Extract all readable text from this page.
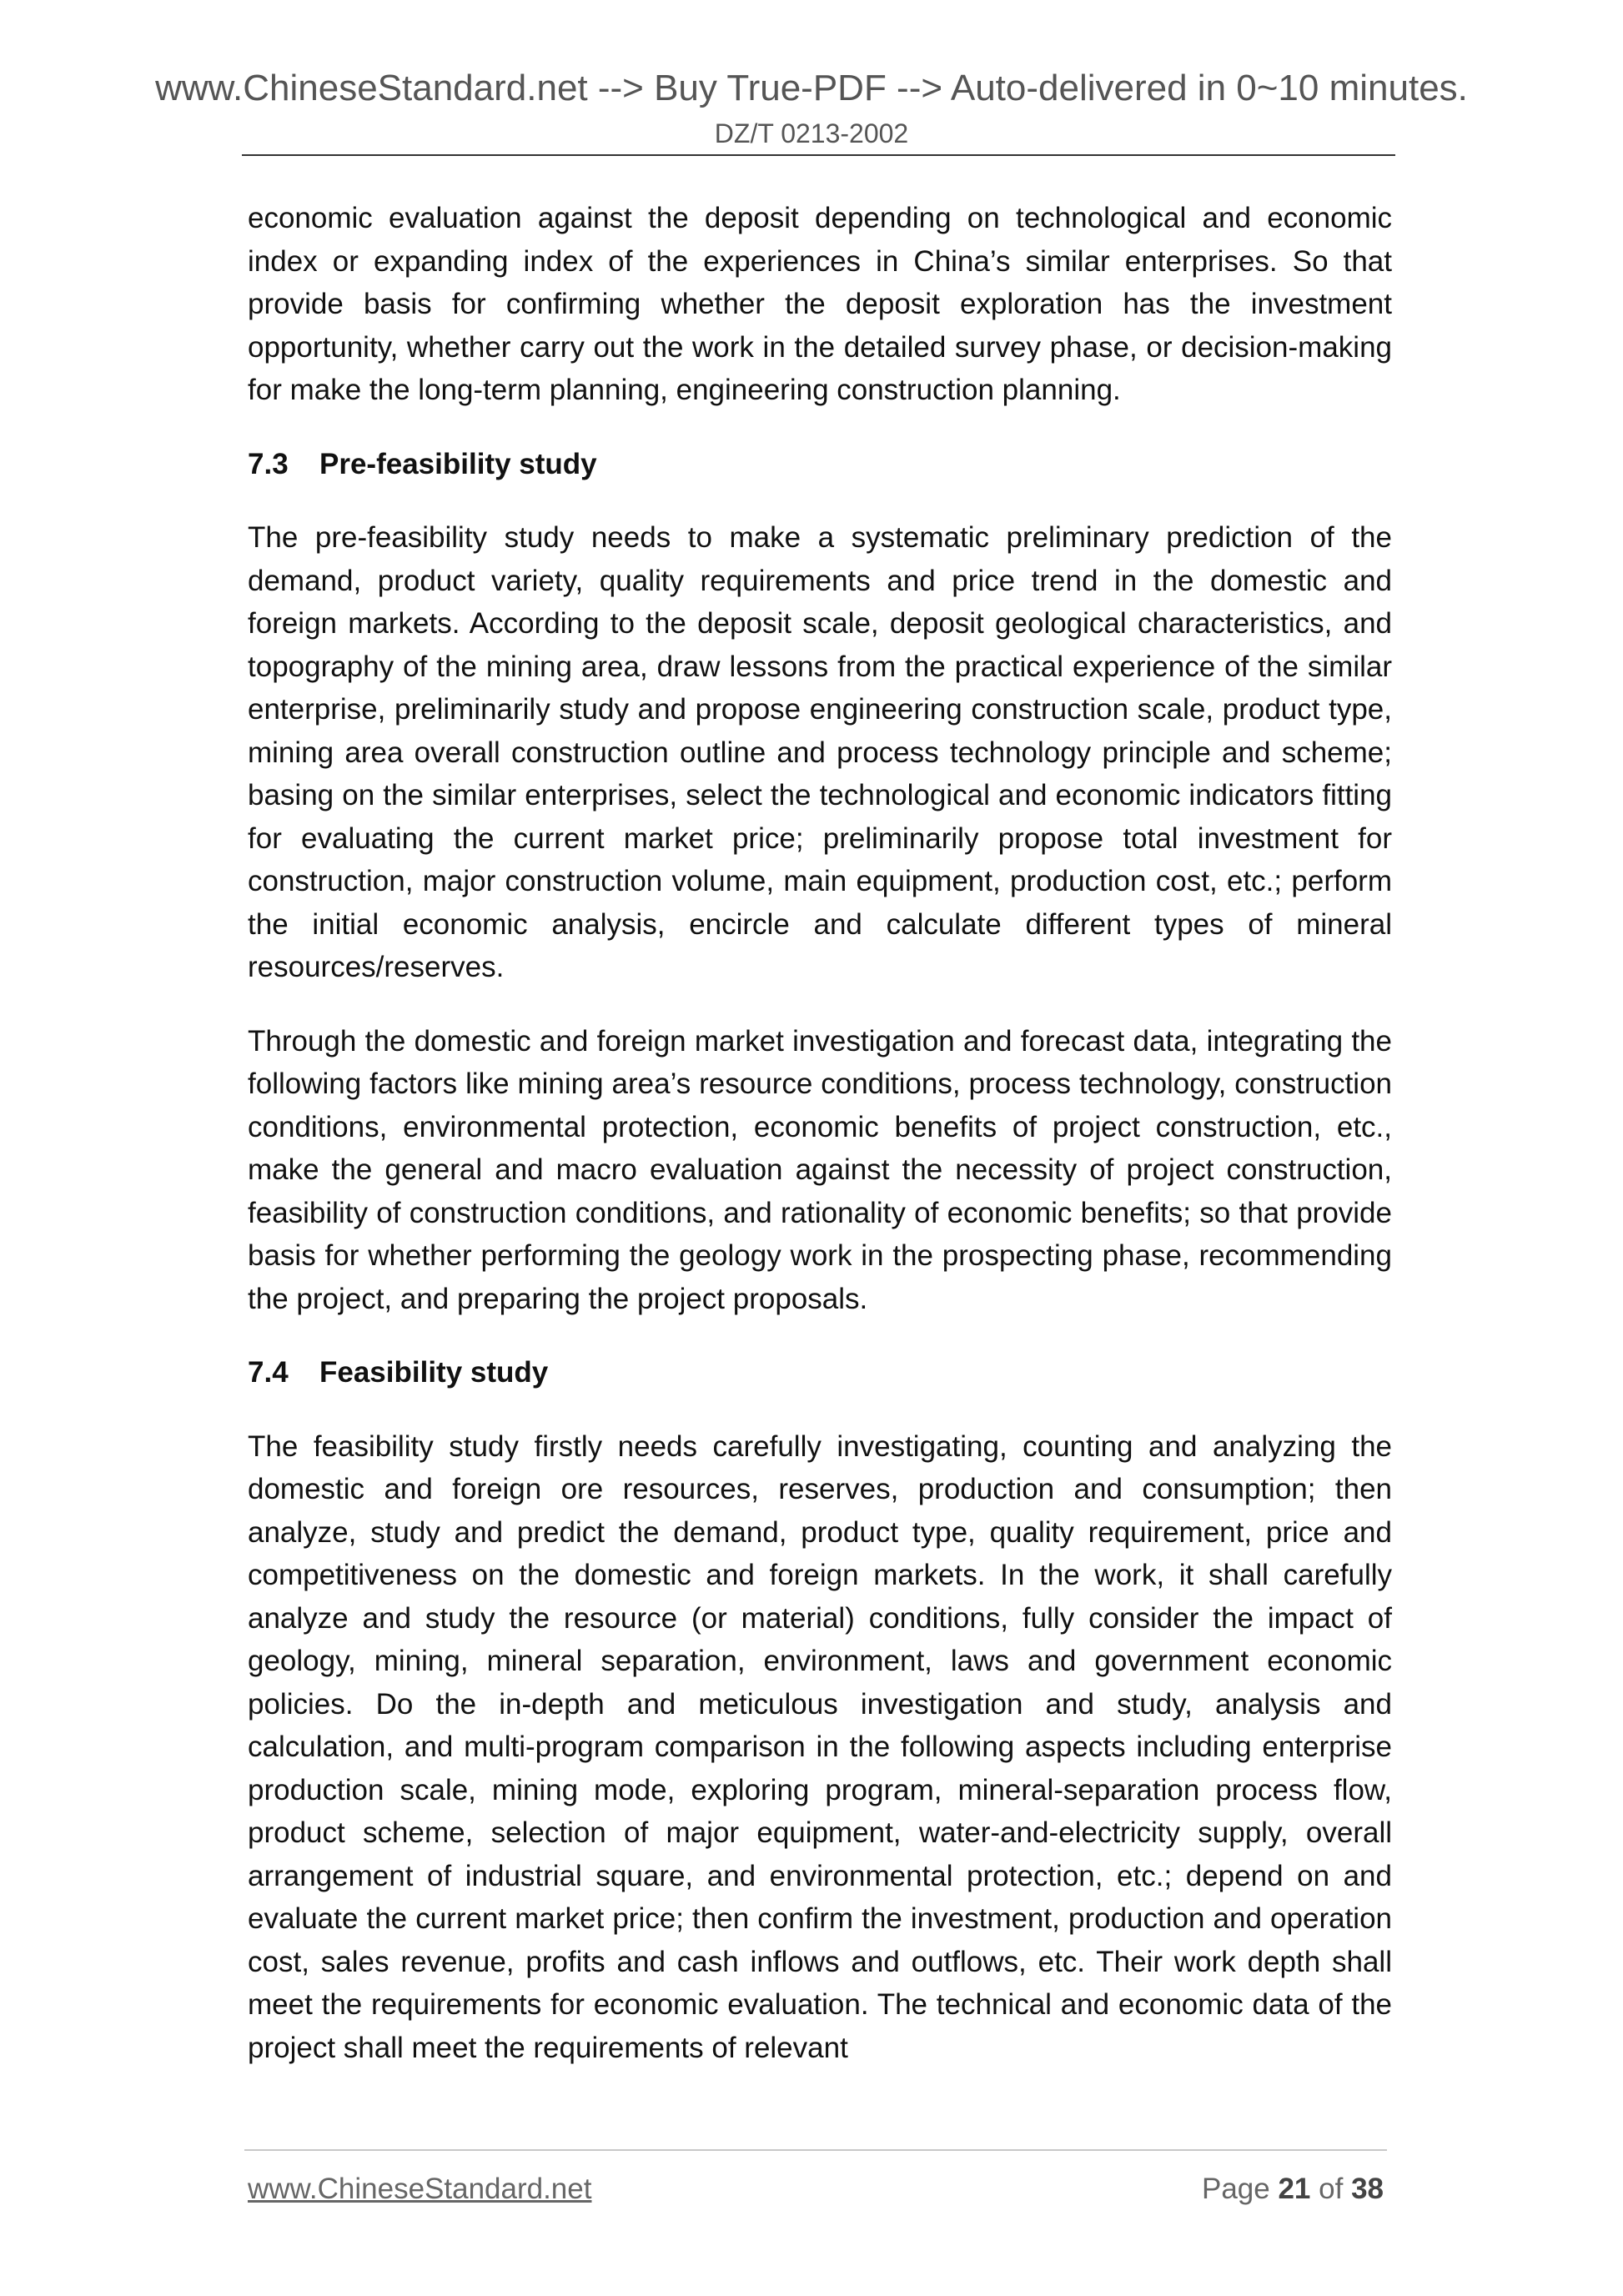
www.ChineseStandard.net --> Buy True-PDF --> Auto-delivered in 0~10 minutes.
DZ/T 0213-2002

economic evaluation against the deposit depending on technological and economic index or expanding index of the experiences in China’s similar enterprises. So that provide basis for confirming whether the deposit exploration has the investment opportunity, whether carry out the work in the detailed survey phase, or decision-making for make the long-term planning, engineering construction planning.

7.3 Pre-feasibility study

The pre-feasibility study needs to make a systematic preliminary prediction of the demand, product variety, quality requirements and price trend in the domestic and foreign markets. According to the deposit scale, deposit geological characteristics, and topography of the mining area, draw lessons from the practical experience of the similar enterprise, preliminarily study and propose engineering construction scale, product type, mining area overall construction outline and process technology principle and scheme; basing on the similar enterprises, select the technological and economic indicators fitting for evaluating the current market price; preliminarily propose total investment for construction, major construction volume, main equipment, production cost, etc.; perform the initial economic analysis, encircle and calculate different types of mineral resources/reserves.

Through the domestic and foreign market investigation and forecast data, integrating the following factors like mining area’s resource conditions, process technology, construction conditions, environmental protection, economic benefits of project construction, etc., make the general and macro evaluation against the necessity of project construction, feasibility of construction conditions, and rationality of economic benefits; so that provide basis for whether performing the geology work in the prospecting phase, recommending the project, and preparing the project proposals.

7.4 Feasibility study

The feasibility study firstly needs carefully investigating, counting and analyzing the domestic and foreign ore resources, reserves, production and consumption; then analyze, study and predict the demand, product type, quality requirement, price and competitiveness on the domestic and foreign markets. In the work, it shall carefully analyze and study the resource (or material) conditions, fully consider the impact of geology, mining, mineral separation, environment, laws and government economic policies. Do the in-depth and meticulous investigation and study, analysis and calculation, and multi-program comparison in the following aspects including enterprise production scale, mining mode, exploring program, mineral-separation process flow, product scheme, selection of major equipment, water-and-electricity supply, overall arrangement of industrial square, and environmental protection, etc.; depend on and evaluate the current market price; then confirm the investment, production and operation cost, sales revenue, profits and cash inflows and outflows, etc. Their work depth shall meet the requirements for economic evaluation. The technical and economic data of the project shall meet the requirements of relevant

www.ChineseStandard.net	Page 21 of 38
